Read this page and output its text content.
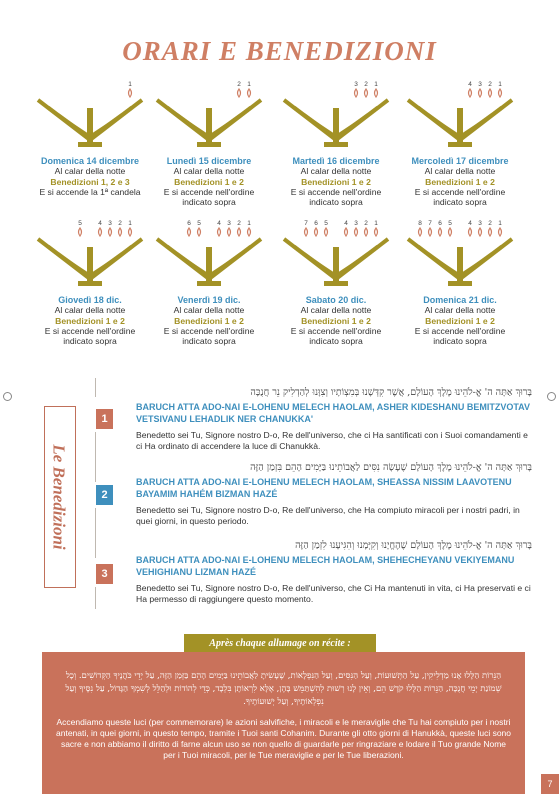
ORARI E BENEDIZIONI
1
Domenica 14 dicembre
Al calar della notte
Benedizioni 1, 2 e 3
E si accende la 1ª candela
1
2
Lunedì 15 dicembre
Al calar della notte
Benedizioni 1 e 2
E si accende nell'ordine
indicato sopra
1
2
3
Martedì 16 dicembre
Al calar della notte
Benedizioni 1 e 2
E si accende nell'ordine
indicato sopra
1
2
3
4
Mercoledì 17 dicembre
Al calar della notte
Benedizioni 1 e 2
E si accende nell'ordine
indicato sopra
1
2
3
4
5
Giovedì 18 dic.
Al calar della notte
Benedizioni 1 e 2
E si accende nell'ordine
indicato sopra
1
2
3
4
5
6
Venerdì 19 dic.
Al calar della notte
Benedizioni 1 e 2
E si accende nell'ordine
indicato sopra
1
2
3
4
5
6
7
Sabato 20 dic.
Al calar della notte
Benedizioni 1 e 2
E si accende nell'ordine
indicato sopra
1
2
3
4
5
6
7
8
Domenica 21 dic.
Al calar della notte
Benedizioni 1 e 2
E si accende nell'ordine
indicato sopra
Le Benedizioni
1
2
3
בָּרוּךְ אַתָּה ה' אֱ-לֹהֵינוּ מֶלֶךְ הָעוֹלָם, אֲשֶׁר קִדְּשָׁנוּ בְּמִצְוֹתָיו וְצִוָּנוּ לְהַדְלִיק נֵר חֲנֻכָּה
BARUCH ATTA ADO-NAI E-LOHENU MELECH HAOLAM, ASHER KIDESHANU BEMITZVOTAV VETSIVANU LEHADLIK NER CHANUKKA'
Benedetto sei Tu, Signore nostro D-o, Re dell'universo, che ci Ha santificati con i Suoi comandamenti e ci Ha ordinato di accendere la luce di Chanukkà.
בָּרוּךְ אַתָּה ה' אֱ-לֹהֵינוּ מֶלֶךְ הָעוֹלָם שֶׁעָשָׂה נִסִּים לַאֲבוֹתֵינוּ בַּיָּמִים הָהֵם בִּזְמַן הַזֶּה
BARUCH ATTA ADO-NAI E-LOHENU MELECH HAOLAM, SHEASSA NISSIM LAAVOTENU BAYAMIM HAHÉM BIZMAN HAZÉ
Benedetto sei Tu, Signore nostro D-o, Re dell'universo, che Ha compiuto miracoli per i nostri padri, in quei giorni, in questo periodo.
בָּרוּךְ אַתָּה ה' אֱ-לֹהֵינוּ מֶלֶךְ הָעוֹלָם שֶׁהֶחֱיָנוּ וְקִיְּמָנוּ וְהִגִּיעָנוּ לִזְמַן הַזֶּה
BARUCH ATTA ADO-NAI E-LOHENU MELECH HAOLAM, SHEHECHEYANU VEKIYEMANU VEHIGHIANU LIZMAN HAZÉ
Benedetto sei Tu, Signore nostro D-o, Re dell'universo, che Ci Ha mantenuti in vita, ci Ha preservati e ci Ha permesso di raggiungere questo momento.
Après chaque allumage on récite :
הַנֵּרוֹת הַלָּלוּ אָנוּ מַדְלִיקִין, עַל הַתְּשׁוּעוֹת, וְעַל הַנִּסִּים, וְעַל הַנִּפְלָאוֹת, שֶׁעָשִׂיתָ לַאֲבוֹתֵינוּ בַּיָּמִים הָהֵם בַּזְּמַן הַזֶּה, עַל יְדֵי כֹּהֲנֶיךָ הַקְּדוֹשִׁים. וְכָל שְׁמוֹנַת יְמֵי חֲנֻכָּה, הַנֵּרוֹת הַלָּלוּ קֹדֶשׁ הֵם, וְאֵין לָנוּ רְשׁוּת לְהִשְׁתַּמֵּשׁ בָּהֶן, אֶלָּא לִרְאוֹתָן בִּלְבָד, כְּדֵי לְהוֹדוֹת וּלְהַלֵּל לְשִׁמְךָ הַגָּדוֹל, עַל נִסֶּיךָ וְעַל נִפְלְאוֹתֶיךָ, וְעַל יְשׁוּעוֹתֶיךָ.
Accendiamo queste luci (per commemorare) le azioni salvifiche, i miracoli e le meraviglie che Tu hai compiuto per i nostri antenati, in quei giorni, in questo tempo, tramite i Tuoi santi Cohanim. Durante gli otto giorni di Hanukkà, queste luci sono sacre e non abbiamo il diritto di farne alcun uso se non quello di guardarle per ringraziare e lodare il Tuo grande Nome per i Tuoi miracoli, per le Tue meraviglie e per le Tue liberazioni.
7
